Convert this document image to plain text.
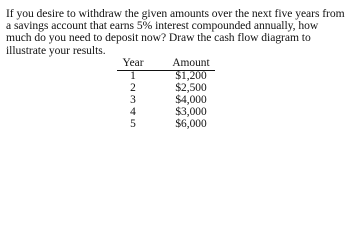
If you desire to withdraw the given amounts over the next five years from a savings account that earns 5% interest compounded annually, how much do you need to deposit now? Draw the cash flow diagram to illustrate your results.

Year		Amount
1		$1,200
2		$2,500
3		$4,000
4		$3,000
5		$6,000
